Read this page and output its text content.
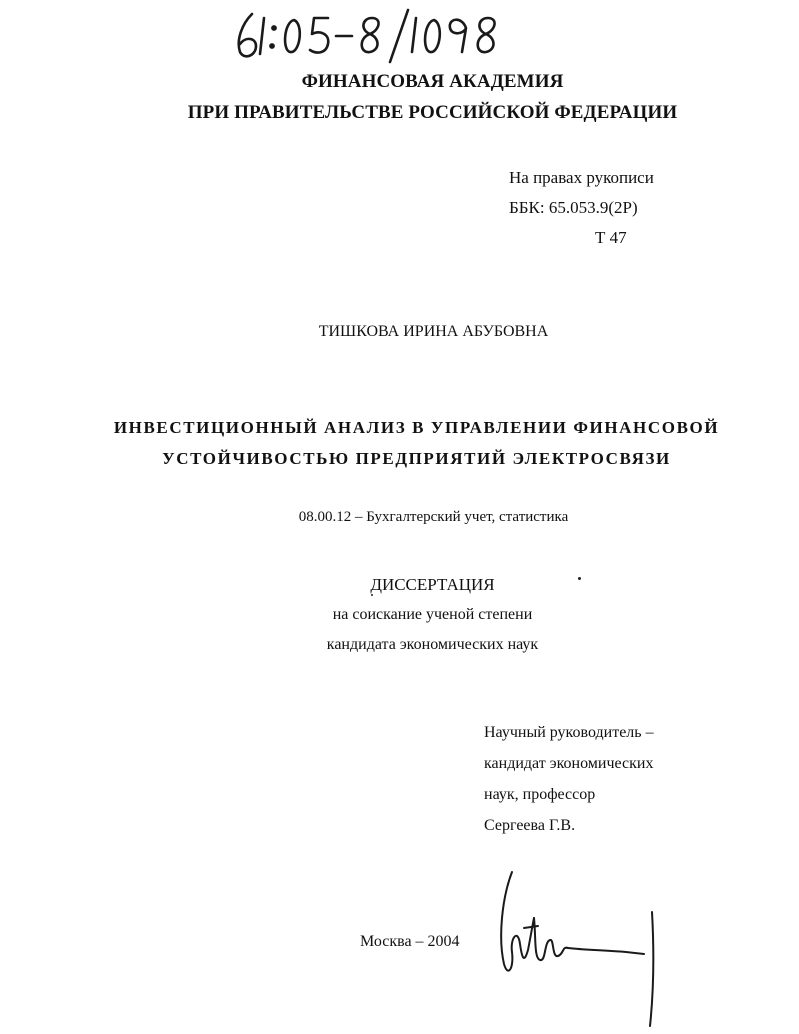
ФИНАНСОВАЯ АКАДЕМИЯ
ПРИ ПРАВИТЕЛЬСТВЕ РОССИЙСКОЙ ФЕДЕРАЦИИ
На правах рукописи
ББК: 65.053.9(2Р)
Т 47
ТИШКОВА ИРИНА АБУБОВНА
ИНВЕСТИЦИОННЫЙ АНАЛИЗ В УПРАВЛЕНИИ ФИНАНСОВОЙ
УСТОЙЧИВОСТЬЮ ПРЕДПРИЯТИЙ ЭЛЕКТРОСВЯЗИ
08.00.12 – Бухгалтерский учет, статистика
ДИССЕРТАЦИЯ
на соискание ученой степени
кандидата экономических наук
Научный руководитель –
кандидат экономических
наук, профессор
Сергеева Г.В.
Москва – 2004
